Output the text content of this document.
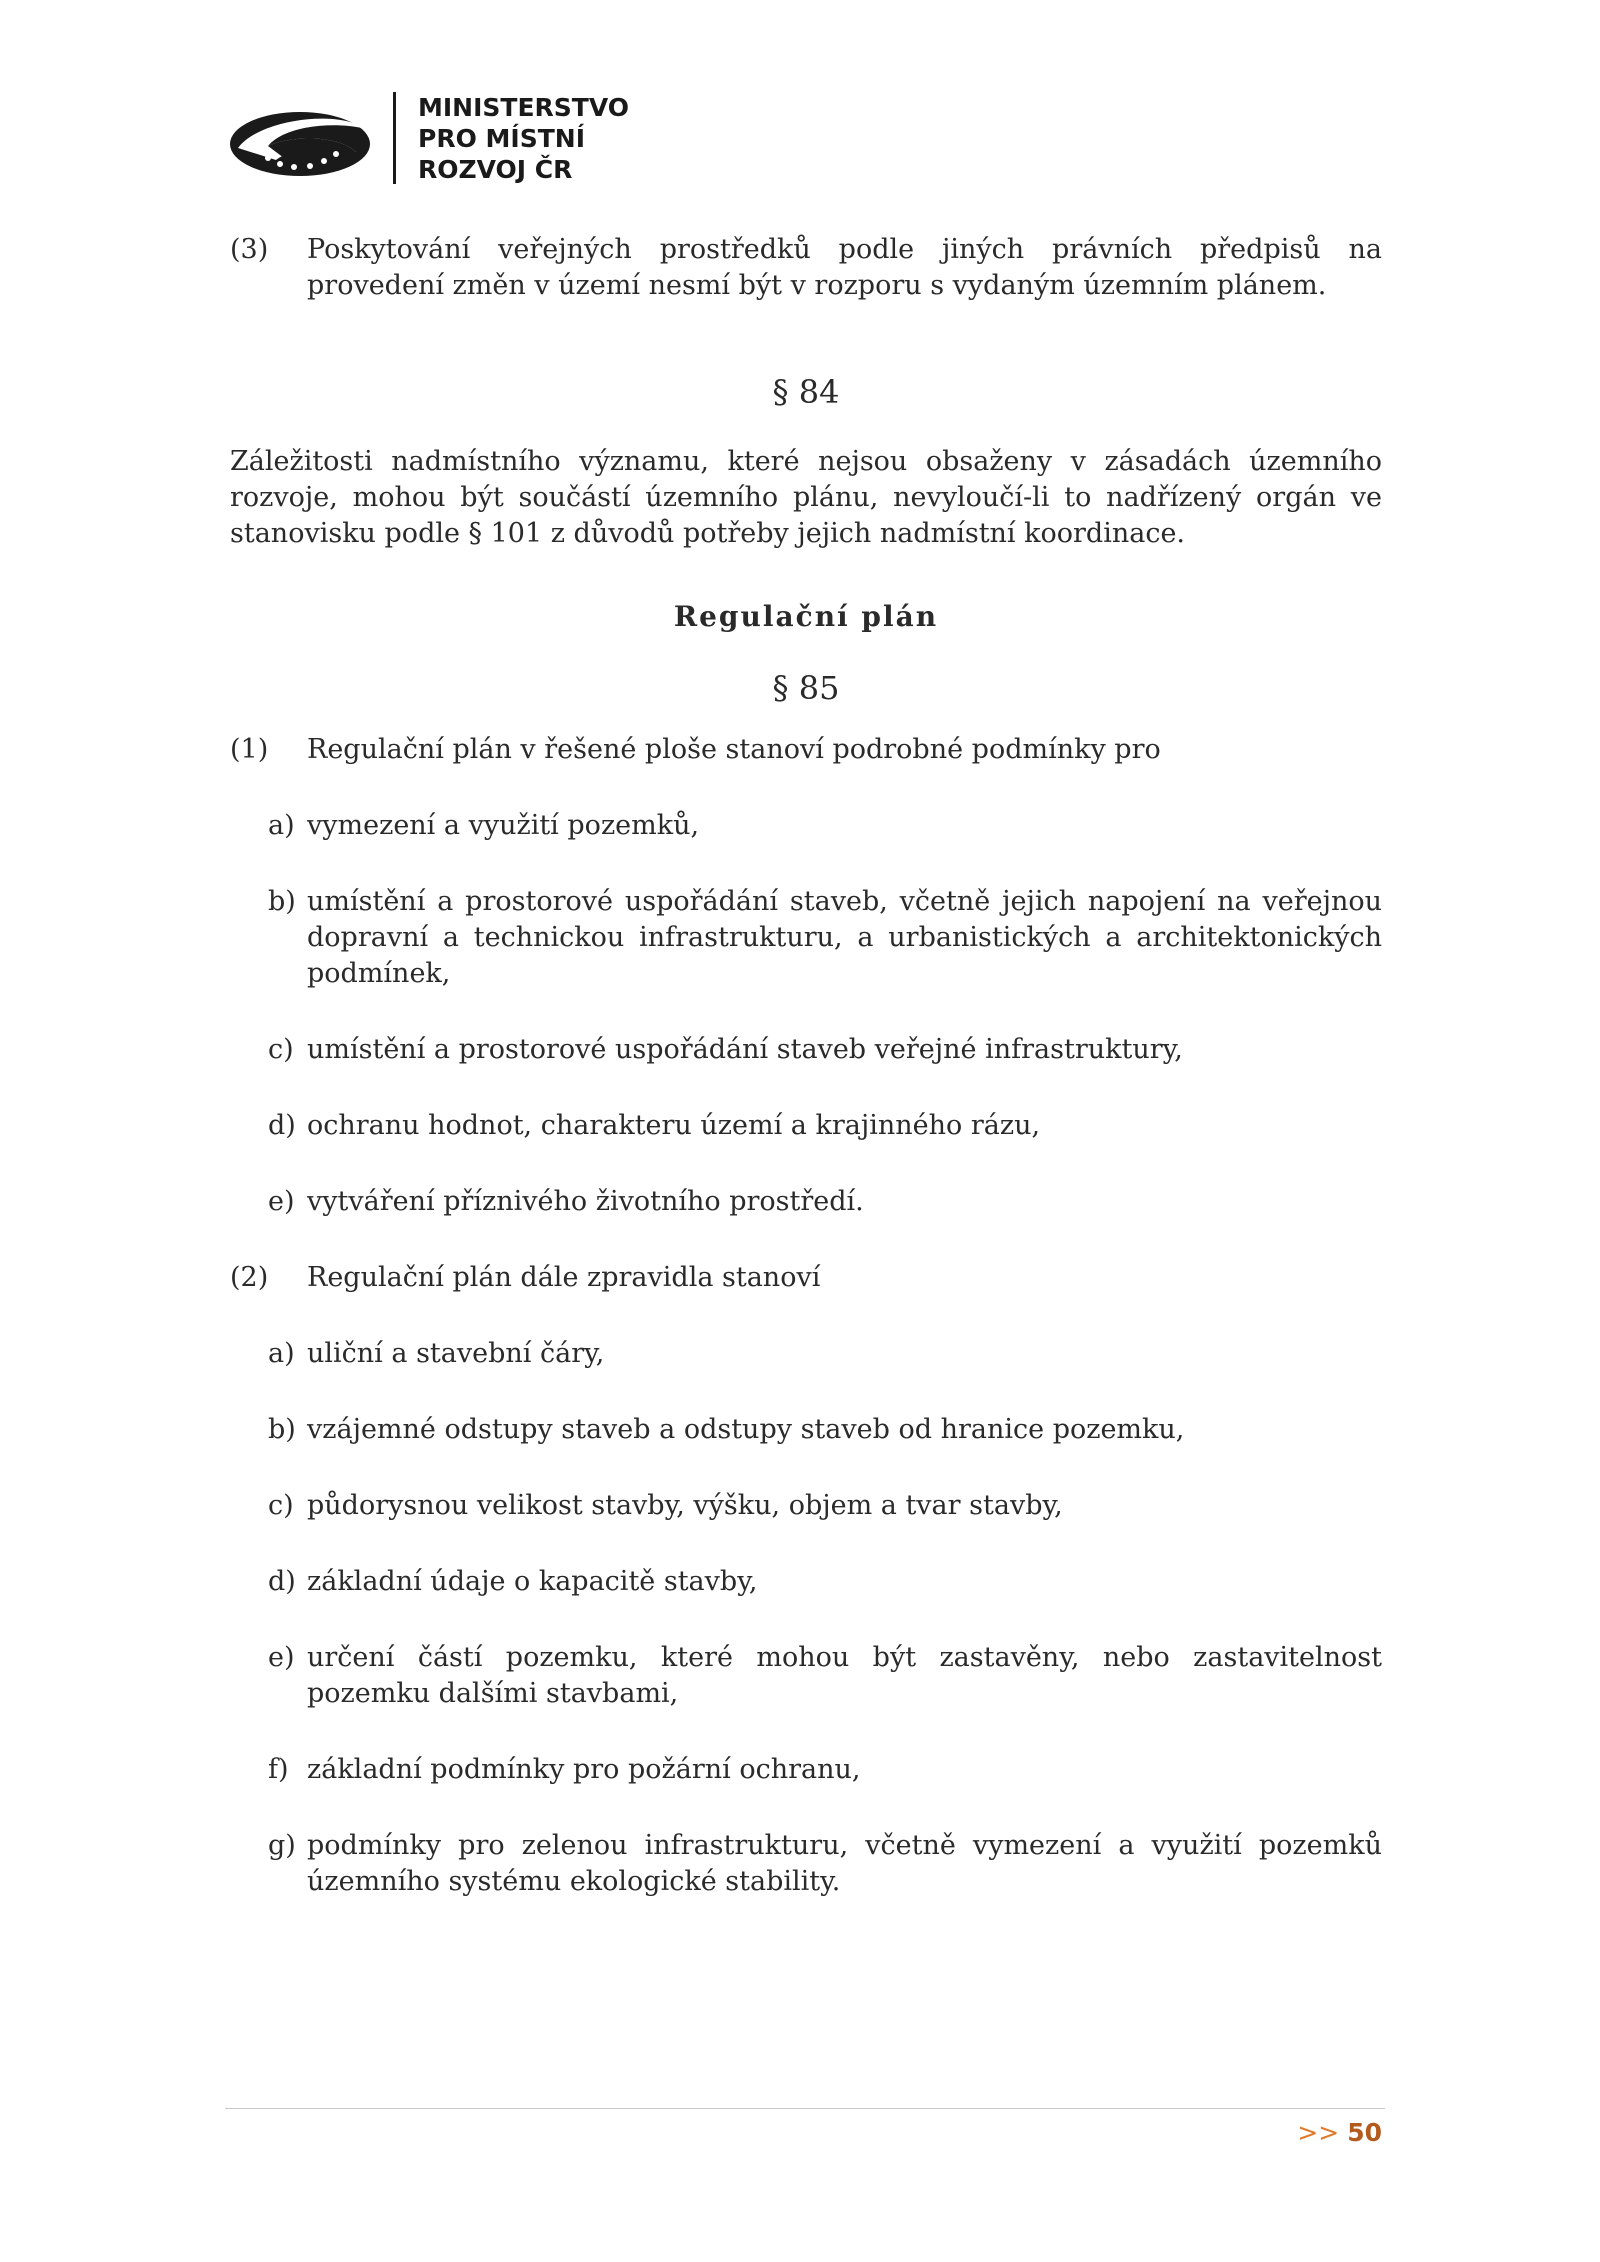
MINISTERSTVO
PRO MÍSTNÍ
ROZVOJ ČR
(3) Poskytování veřejných prostředků podle jiných právních předpisů na provedení změn v území nesmí být v rozporu s vydaným územním plánem.
§ 84
Záležitosti nadmístního významu, které nejsou obsaženy v zásadách územního rozvoje, mohou být součástí územního plánu, nevyloučí-li to nadřízený orgán ve stanovisku podle § 101 z důvodů potřeby jejich nadmístní koordinace.
Regulační plán
§ 85
(1) Regulační plán v řešené ploše stanoví podrobné podmínky pro
a) vymezení a využití pozemků,
b) umístění a prostorové uspořádání staveb, včetně jejich napojení na veřejnou dopravní a technickou infrastrukturu, a urbanistických a architektonických podmínek,
c) umístění a prostorové uspořádání staveb veřejné infrastruktury,
d) ochranu hodnot, charakteru území a krajinného rázu,
e) vytváření příznivého životního prostředí.
(2) Regulační plán dále zpravidla stanoví
a) uliční a stavební čáry,
b) vzájemné odstupy staveb a odstupy staveb od hranice pozemku,
c) půdorysnou velikost stavby, výšku, objem a tvar stavby,
d) základní údaje o kapacitě stavby,
e) určení částí pozemku, které mohou být zastavěny, nebo zastavitelnost pozemku dalšími stavbami,
f) základní podmínky pro požární ochranu,
g) podmínky pro zelenou infrastrukturu, včetně vymezení a využití pozemků územního systému ekologické stability.
>> 50
